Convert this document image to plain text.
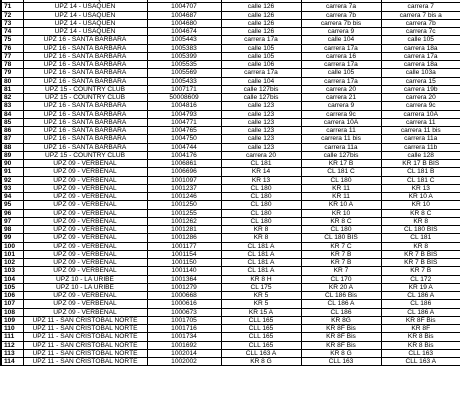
71	UPZ 14 - USAQUÉN	1004707	calle 126	carrera 7a	carrera 7
72	UPZ 14 - USAQUÉN	1004687	calle 126	carrera 7b	carrera 7 bis a
73	UPZ 14 - USAQUÉN	1004680	calle 126	carrera 7b bis	carrera 7b
74	UPZ 14 - USAQUÉN	1004674	calle 126	carrera 9	carrera 7c
75	UPZ 16 - SANTA BARBARA	1005443	carrera 17a	calle 104	calle 105
76	UPZ 16 - SANTA BARBARA	1005383	calle 105	carrera 17a	carrera 18a
77	UPZ 16 - SANTA BARBARA	1005399	calle 105	carrera 16	carrera 17a
78	UPZ 16 - SANTA BARBARA	1005535	calle 106	carrera 17a	carrera 18a
79	UPZ 16 - SANTA BARBARA	1005569	carrera 17a	calle 105	calle 103a
80	UPZ 16 - SANTA BARBARA	1005433	calle 104	carrera 17a	carrera 15
81	UPZ 15 - COUNTRY CLUB	1007171	calle 127bis	carrera 20	carrera 19b
82	UPZ 15 - COUNTRY CLUB	50008609	calle 127bis	carrera 21	carrera 20
83	UPZ 16 - SANTA BARBARA	1004816	calle 123	carrera 9	carrera 9c
84	UPZ 16 - SANTA BARBARA	1004793	calle 123	carrera 9c	carrera 10A
85	UPZ 16 - SANTA BARBARA	1004771	calle 123	carrera 10A	carrera 11
86	UPZ 16 - SANTA BARBARA	1004765	calle 123	carrera 11	carrera 11 bis
87	UPZ 16 - SANTA BARBARA	1004750	calle 123	carrera 11 bis	carrera 11a
88	UPZ 16 - SANTA BARBARA	1004744	calle 123	carrera 11a	carrera 11b
89	UPZ 15 - COUNTRY CLUB	1004176	carrera 20	calle 127bis	calle 128
90	UPZ 09 - VERBENAL	1006861	CL 181	KR 17 B	KR 17 B BIS
91	UPZ 09 - VERBENAL	1006696	KR 14	CL 181 C	CL 181 B
92	UPZ 09 - VERBENAL	1001097	KR 13	CL 180	CL 181 C
93	UPZ 09 - VERBENAL	1001237	CL 180	KR 11	KR 13
94	UPZ 09 - VERBENAL	1001246	CL 180	KR 11	KR 10 A
95	UPZ 09 - VERBENAL	1001250	CL 180	KR 10 A	KR 10
96	UPZ 09 - VERBENAL	1001255	CL 180	KR 10	KR 8 C
97	UPZ 09 - VERBENAL	1001262	CL 180	KR 8 C	KR 8
98	UPZ 09 - VERBENAL	1001281	KR 8	CL 180	CL 180 BIS
99	UPZ 09 - VERBENAL	1001286	KR 8	CL 180 BIS	CL 181
100	UPZ 09 - VERBENAL	1001177	CL 181 A	KR 7 C	KR 8
101	UPZ 09 - VERBENAL	1001154	CL 181 A	KR 7 B	KR 7 B BIS
102	UPZ 09 - VERBENAL	1001150	CL 181 A	KR 7 B	KR 7 B BIS
103	UPZ 09 - VERBENAL	1001140	CL 181 A	KR 7	KR 7 B
104	UPZ 10 - LA URIBE	1001364	KR 8 H	CL 170	CL 172
105	UPZ 10 - LA URIBE	1001279	CL 175	KR 20 A	KR 19 A
106	UPZ 09 - VERBENAL	1000668	KR 5	CL 186 Bis	CL 186 A
107	UPZ 09 - VERBENAL	1000616	KR 5	CL 186 A	CL 186
108	UPZ 09 - VERBENAL	1000673	KR 15 A	CL 186	CL 186 A
109	UPZ 11 - SAN CRISTÓBAL NORTE	1001705	CLL 165	KR 8G	KR 8F Bis
110	UPZ 11 - SAN CRISTÓBAL NORTE	1001716	CLL 165	KR 8F Bis	KR 8F
111	UPZ 11 - SAN CRISTÓBAL NORTE	1001734	CLL 165	KR 8F Bis	KR 8 Bis
112	UPZ 11 - SAN CRISTÓBAL NORTE	1001692	CLL 165	KR 8F Bis	KR 8 Bis
113	UPZ 11 - SAN CRISTÓBAL NORTE	1002014	CLL 163 A	KR 8 G	CLL 163
114	UPZ 11 - SAN CRISTÓBAL NORTE	1002002	KR 8 G	CLL 163	CLL 163 A
